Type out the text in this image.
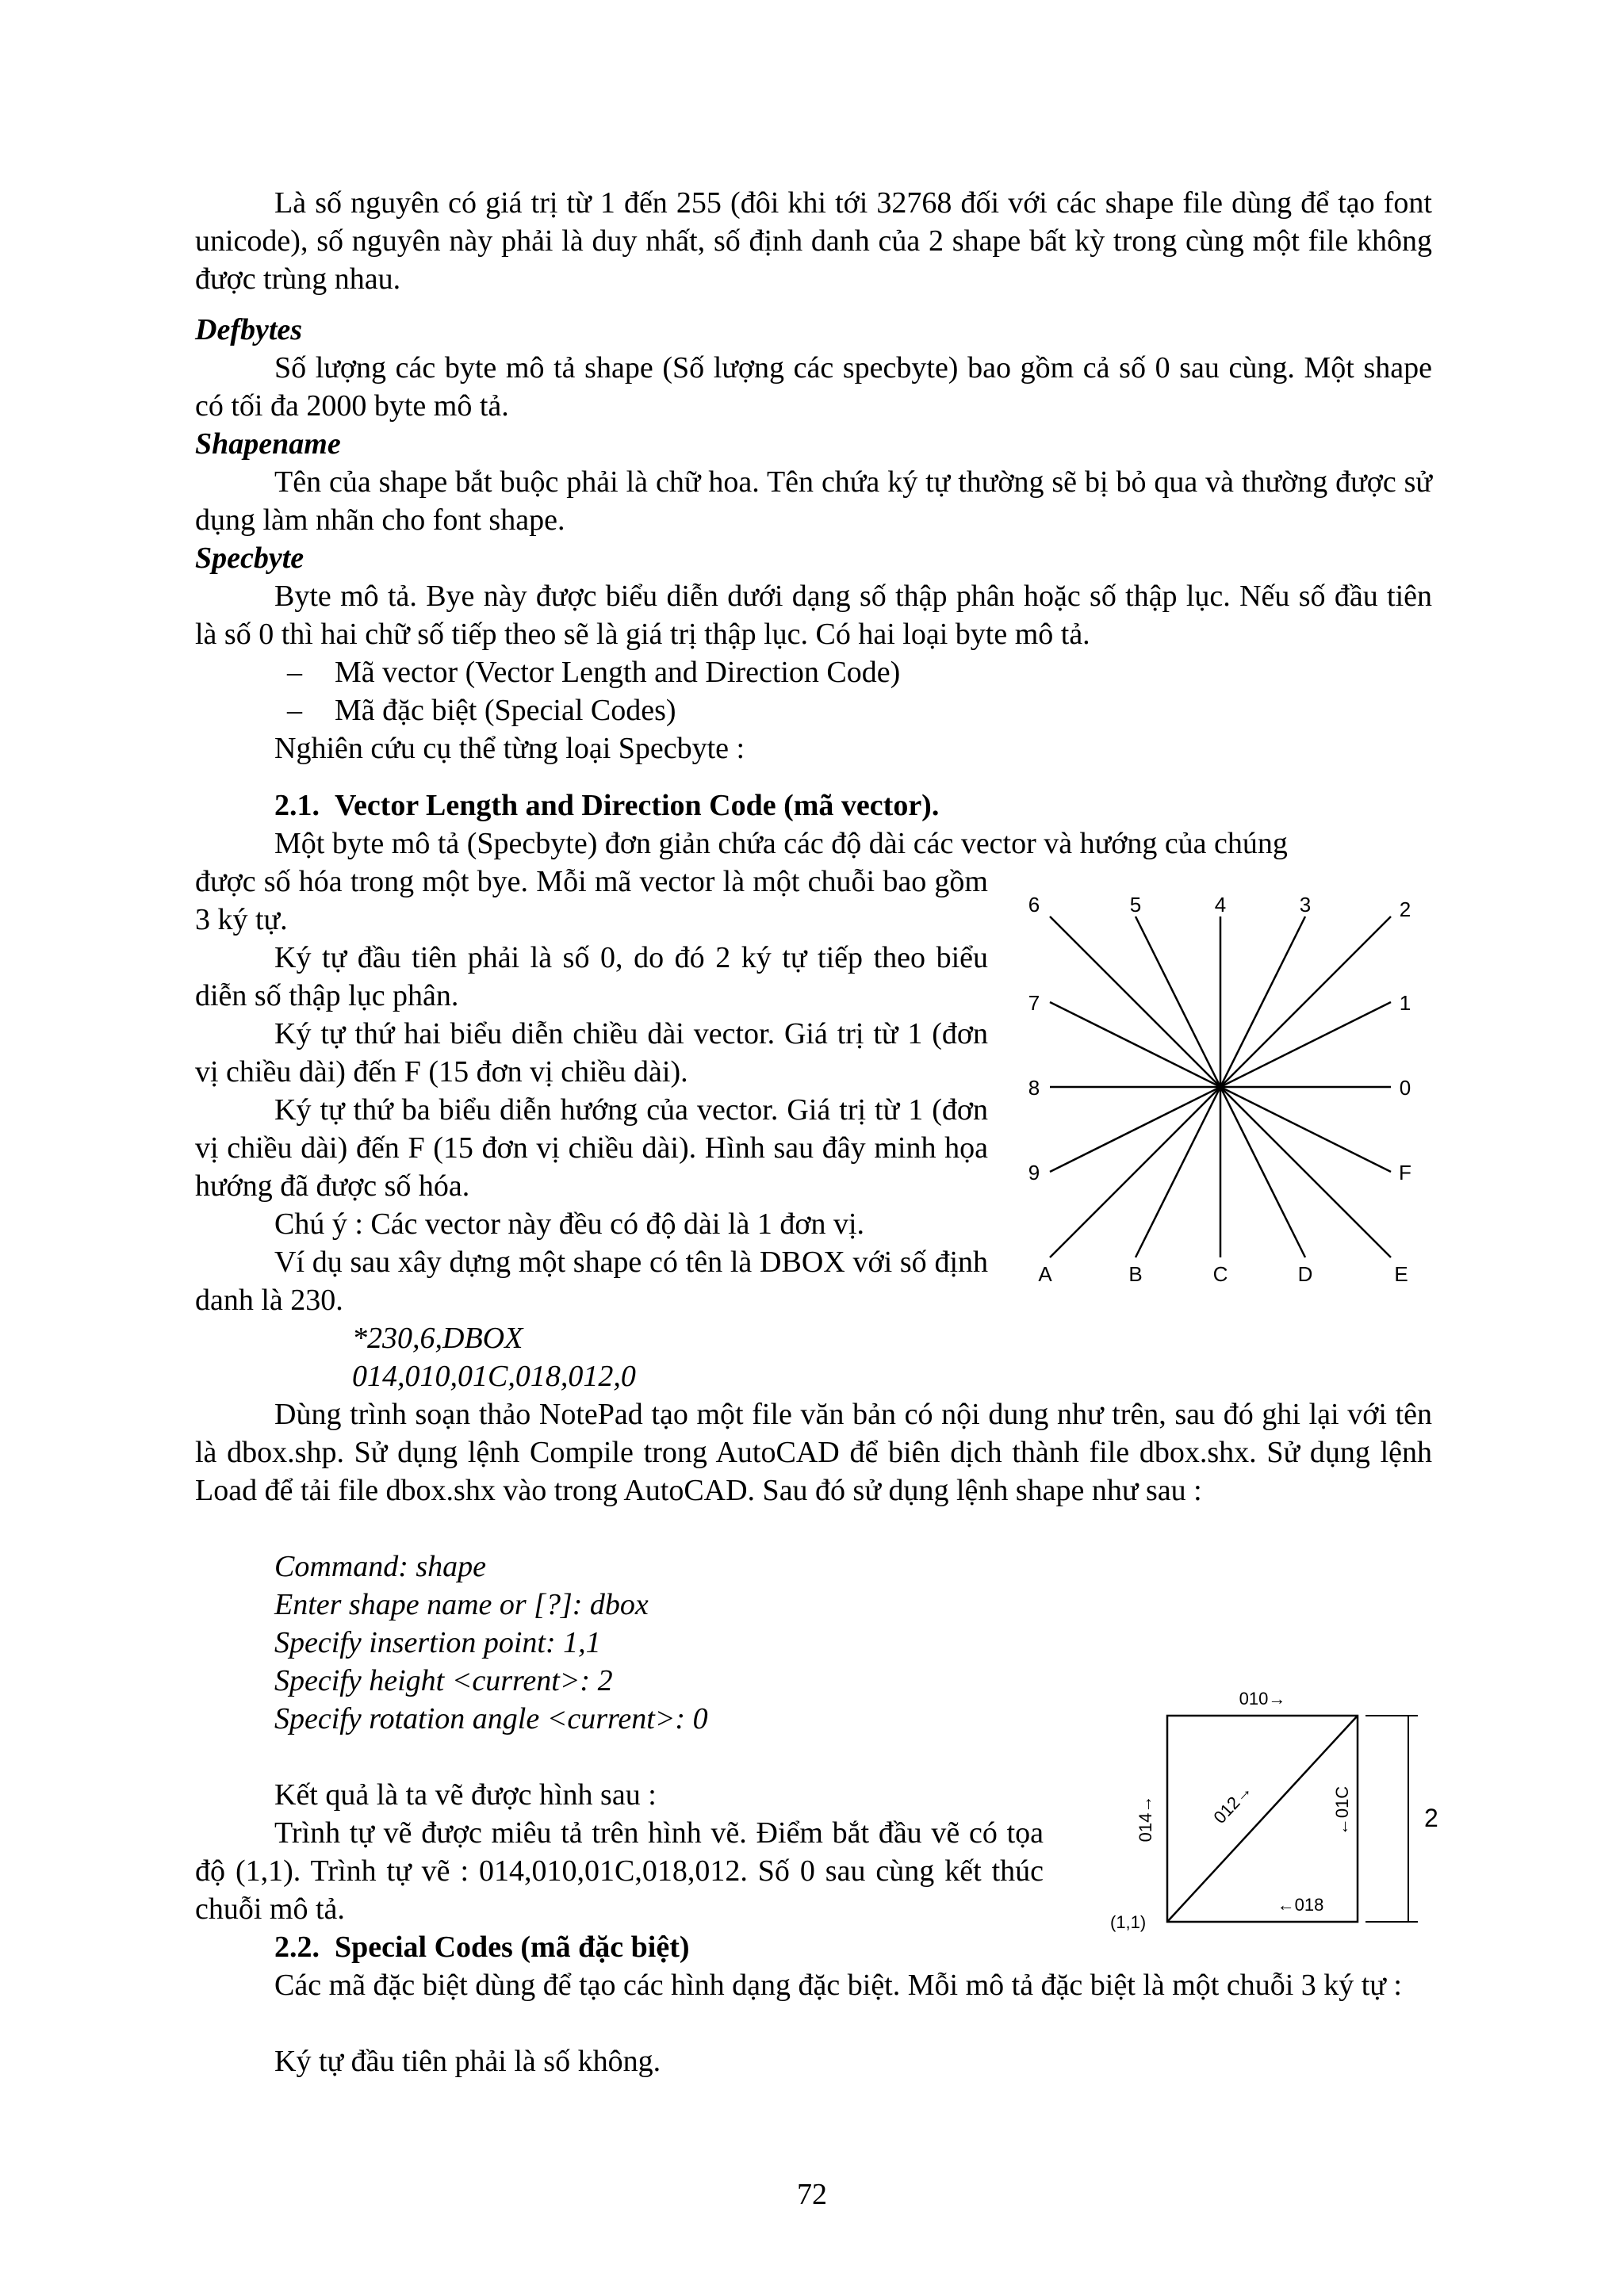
Là số nguyên có giá trị từ 1 đến 255 (đôi khi tới 32768 đối với các shape file dùng để tạo font unicode), số nguyên này phải là duy nhất, số định danh của 2 shape bất kỳ trong cùng một file không được trùng nhau.

Defbytes

Số lượng các byte mô tả shape (Số lượng các specbyte) bao gồm cả số 0 sau cùng. Một shape có tối đa 2000 byte mô tả.

Shapename

Tên của shape bắt buộc phải là chữ hoa. Tên chứa ký tự thường sẽ bị bỏ qua và thường được sử dụng làm nhãn cho font shape.

Specbyte

Byte mô tả. Bye này được biểu diễn dưới dạng số thập phân hoặc số thập lục. Nếu số đầu tiên là số 0 thì hai chữ số tiếp theo sẽ là giá trị thập lục. Có hai loại byte mô tả.

– Mã vector (Vector Length and Direction Code)

– Mã đặc biệt (Special Codes)

Nghiên cứu cụ thể từng loại Specbyte :

2.1. Vector Length and Direction Code (mã vector).

Một byte mô tả (Specbyte) đơn giản chứa các độ dài các vector và hướng của chúng

được số hóa trong một bye. Mỗi mã vector là một chuỗi bao gồm 3 ký tự.

Ký tự đầu tiên phải là số 0, do đó 2 ký tự tiếp theo biểu diễn số thập lục phân.

Ký tự thứ hai biểu diễn chiều dài vector. Giá trị từ 1 (đơn vị chiều dài) đến F (15 đơn vị chiều dài).

Ký tự thứ ba biểu diễn hướng của vector. Giá trị từ 1 (đơn vị chiều dài) đến F (15 đơn vị chiều dài). Hình sau đây minh họa hướng đã được số hóa.

Chú ý : Các vector này đều có độ dài là 1 đơn vị.

Ví dụ sau xây dựng một shape có tên là DBOX với số định danh là 230.

*230,6,DBOX

014,010,01C,018,012,0

Dùng trình soạn thảo NotePad tạo một file văn bản có nội dung như trên, sau đó ghi lại với tên là dbox.shp. Sử dụng lệnh Compile trong AutoCAD để biên dịch thành file dbox.shx. Sử dụng lệnh Load để tải file dbox.shx vào trong AutoCAD. Sau đó sử dụng lệnh shape như sau :

Command: shape

Enter shape name or [?]: dbox

Specify insertion point: 1,1

Specify height <current>: 2

Specify rotation angle <current>: 0

Kết quả là ta vẽ được hình sau :

Trình tự vẽ được miêu tả trên hình vẽ. Điểm bắt đầu vẽ có tọa độ (1,1). Trình tự vẽ : 014,010,01C,018,012. Số 0 sau cùng kết thúc chuỗi mô tả.

2.2. Special Codes (mã đặc biệt)

Các mã đặc biệt dùng để tạo các hình dạng đặc biệt. Mỗi mô tả đặc biệt là một chuỗi 3 ký tự :

Ký tự đầu tiên phải là số không.

72

0
1
2
3
4
5
6
7
8
9
A	B	C	D	E
F
010→
(1,1)
←018
014→	←01C
012→	2
